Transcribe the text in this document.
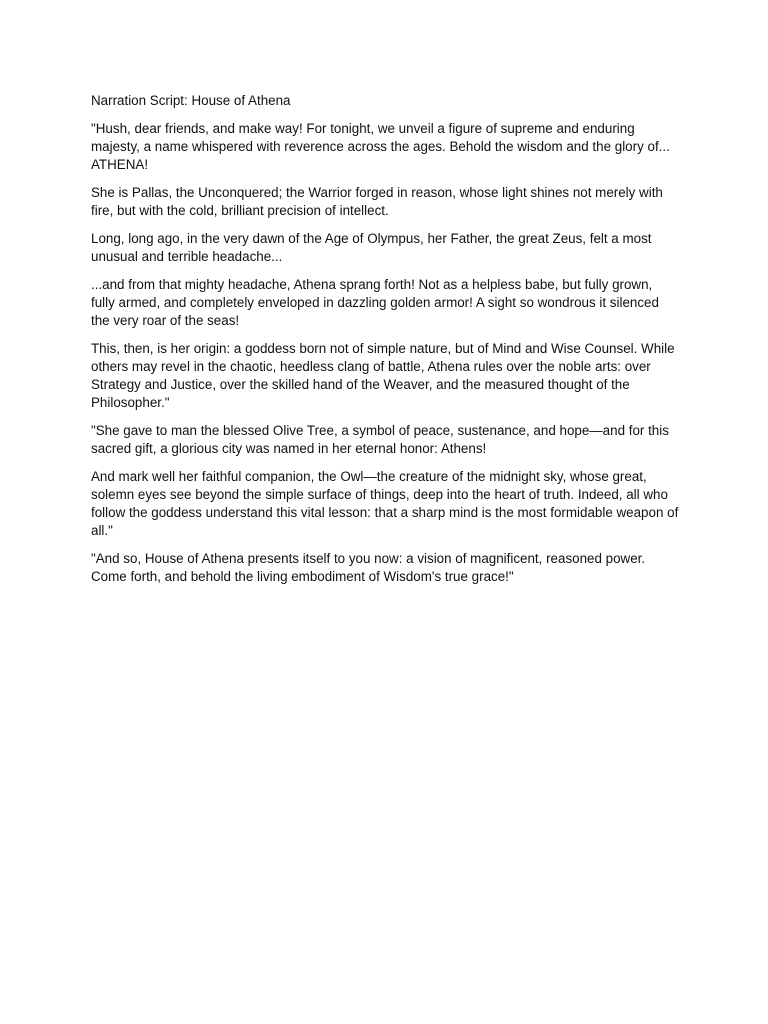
Narration Script: House of Athena

"Hush, dear friends, and make way! For tonight, we unveil a figure of supreme and enduring majesty, a name whispered with reverence across the ages. Behold the wisdom and the glory of... ATHENA!

She is Pallas, the Unconquered; the Warrior forged in reason, whose light shines not merely with fire, but with the cold, brilliant precision of intellect.

Long, long ago, in the very dawn of the Age of Olympus, her Father, the great Zeus, felt a most unusual and terrible headache...

...and from that mighty headache, Athena sprang forth! Not as a helpless babe, but fully grown, fully armed, and completely enveloped in dazzling golden armor! A sight so wondrous it silenced the very roar of the seas!

This, then, is her origin: a goddess born not of simple nature, but of Mind and Wise Counsel. While others may revel in the chaotic, heedless clang of battle, Athena rules over the noble arts: over Strategy and Justice, over the skilled hand of the Weaver, and the measured thought of the Philosopher."

"She gave to man the blessed Olive Tree, a symbol of peace, sustenance, and hope—and for this sacred gift, a glorious city was named in her eternal honor: Athens!

And mark well her faithful companion, the Owl—the creature of the midnight sky, whose great, solemn eyes see beyond the simple surface of things, deep into the heart of truth. Indeed, all who follow the goddess understand this vital lesson: that a sharp mind is the most formidable weapon of all."

"And so, House of Athena presents itself to you now: a vision of magnificent, reasoned power. Come forth, and behold the living embodiment of Wisdom's true grace!"
